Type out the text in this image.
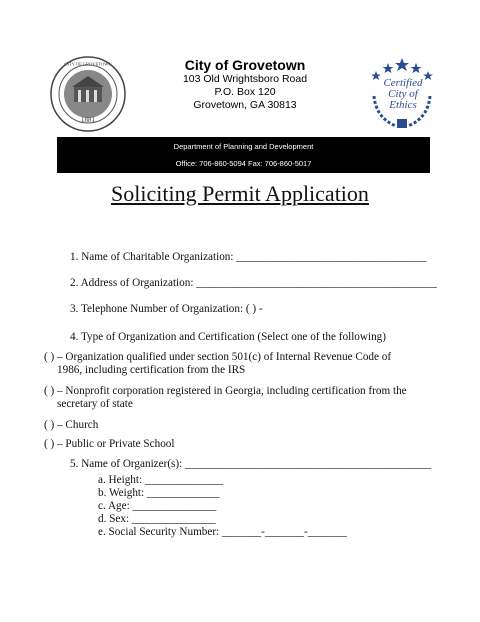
1881
CITY OF GROVETOWN	City of Grovetown
103 Old Wrightsboro Road
P.O. Box 120
Grovetown, GA 30813
Certified
City of
Ethics
Department of Planning and Development
Office: 706-860-5094 Fax: 706-860-5017
Soliciting Permit Application
1. Name of Charitable Organization: __________________________________
2. Address of Organization: ___________________________________________
3. Telephone Number of Organization: ( ) -
4. Type of Organization and Certification (Select one of the following)
( ) – Organization qualified under section 501(c) of Internal Revenue Code of
1986, including certification from the IRS
( ) – Nonprofit corporation registered in Georgia, including certification from the
secretary of state
( ) – Church
( ) – Public or Private School
5. Name of Organizer(s): ____________________________________________
a. Height: ______________
b. Weight: _____________
c. Age: _______________
d. Sex: _______________
e. Social Security Number: _______-_______-_______
